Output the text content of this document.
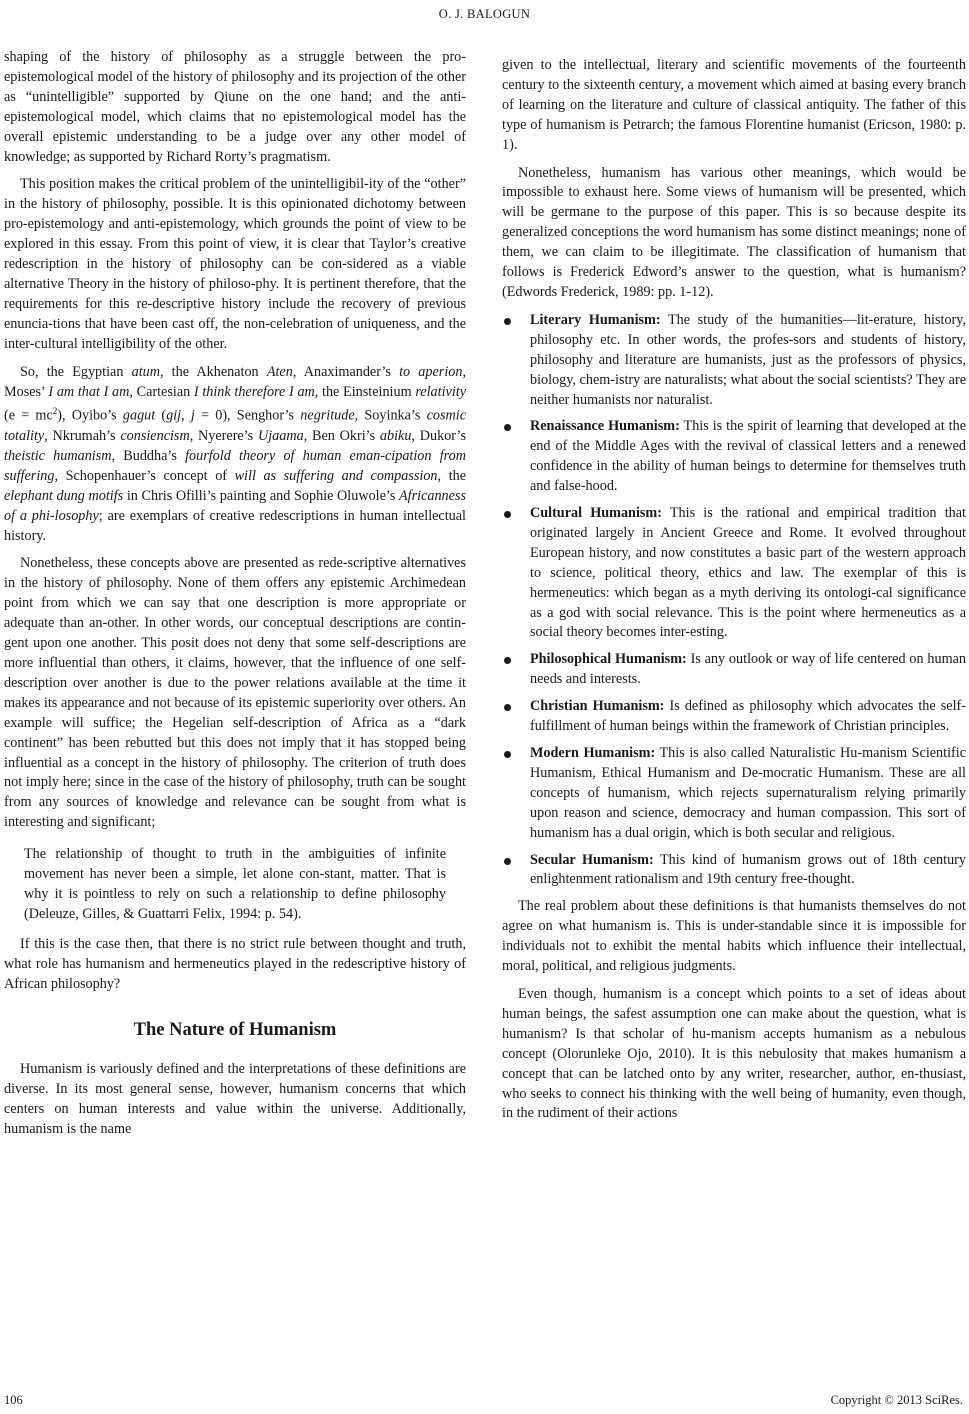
O. J. BALOGUN

shaping of the history of philosophy as a struggle between the pro-epistemological model of the history of philosophy and its projection of the other as “unintelligible” supported by Qiune on the one hand; and the anti-epistemological model, which claims that no epistemological model has the overall epistemic understanding to be a judge over any other model of knowledge; as supported by Richard Rorty’s pragmatism.

This position makes the critical problem of the unintelligibil-ity of the “other” in the history of philosophy, possible. It is this opinionated dichotomy between pro-epistemology and anti-epistemology, which grounds the point of view to be explored in this essay. From this point of view, it is clear that Taylor’s creative redescription in the history of philosophy can be con-sidered as a viable alternative Theory in the history of philoso-phy. It is pertinent therefore, that the requirements for this re-descriptive history include the recovery of previous enuncia-tions that have been cast off, the non-celebration of uniqueness, and the inter-cultural intelligibility of the other.

So, the Egyptian atum, the Akhenaton Aten, Anaximander’s to aperion, Moses’ I am that I am, Cartesian I think therefore I am, the Einsteinium relativity $(e = mc^2)$, Oyibo’s gagut (gij, j = 0), Senghor’s negritude, Soyinka’s cosmic totality, Nkrumah’s consiencism, Nyerere’s Ujaama, Ben Okri’s abiku, Dukor’s theistic humanism, Buddha’s fourfold theory of human eman-cipation from suffering, Schopenhauer’s concept of will as suffering and compassion, the elephant dung motifs in Chris Ofilli’s painting and Sophie Oluwole’s Africanness of a phi-losophy; are exemplars of creative redescriptions in human intellectual history.

Nonetheless, these concepts above are presented as rede-scriptive alternatives in the history of philosophy. None of them offers any epistemic Archimedean point from which we can say that one description is more appropriate or adequate than an-other. In other words, our conceptual descriptions are contin-gent upon one another. This posit does not deny that some self-descriptions are more influential than others, it claims, however, that the influence of one self-description over another is due to the power relations available at the time it makes its appearance and not because of its epistemic superiority over others. An example will suffice; the Hegelian self-description of Africa as a “dark continent” has been rebutted but this does not imply that it has stopped being influential as a concept in the history of philosophy. The criterion of truth does not imply here; since in the case of the history of philosophy, truth can be sought from any sources of knowledge and relevance can be sought from what is interesting and significant;

The relationship of thought to truth in the ambiguities of infinite movement has never been a simple, let alone con-stant, matter. That is why it is pointless to rely on such a relationship to define philosophy (Deleuze, Gilles, & Guattarri Felix, 1994: p. 54).

If this is the case then, that there is no strict rule between thought and truth, what role has humanism and hermeneutics played in the redescriptive history of African philosophy?

The Nature of Humanism

Humanism is variously defined and the interpretations of these definitions are diverse. In its most general sense, however, humanism concerns that which centers on human interests and value within the universe. Additionally, humanism is the name

given to the intellectual, literary and scientific movements of the fourteenth century to the sixteenth century, a movement which aimed at basing every branch of learning on the literature and culture of classical antiquity. The father of this type of humanism is Petrarch; the famous Florentine humanist (Ericson, 1980: p. 1).

Nonetheless, humanism has various other meanings, which would be impossible to exhaust here. Some views of humanism will be presented, which will be germane to the purpose of this paper. This is so because despite its generalized conceptions the word humanism has some distinct meanings; none of them, we can claim to be illegitimate. The classification of humanism that follows is Frederick Edword’s answer to the question, what is humanism? (Edwords Frederick, 1989: pp. 1-12).

Literary Humanism: The study of the humanities—lit-erature, history, philosophy etc. In other words, the profes-sors and students of history, philosophy and literature are humanists, just as the professors of physics, biology, chem-istry are naturalists; what about the social scientists? They are neither humanists nor naturalist.
Renaissance Humanism: This is the spirit of learning that developed at the end of the Middle Ages with the revival of classical letters and a renewed confidence in the ability of human beings to determine for themselves truth and false-hood.
Cultural Humanism: This is the rational and empirical tradition that originated largely in Ancient Greece and Rome. It evolved throughout European history, and now constitutes a basic part of the western approach to science, political theory, ethics and law. The exemplar of this is hermeneutics: which began as a myth deriving its ontologi-cal significance as a god with social relevance. This is the point where hermeneutics as a social theory becomes inter-esting.
Philosophical Humanism: Is any outlook or way of life centered on human needs and interests.
Christian Humanism: Is defined as philosophy which advocates the self-fulfillment of human beings within the framework of Christian principles.
Modern Humanism: This is also called Naturalistic Hu-manism Scientific Humanism, Ethical Humanism and De-mocratic Humanism. These are all concepts of humanism, which rejects supernaturalism relying primarily upon reason and science, democracy and human compassion. This sort of humanism has a dual origin, which is both secular and religious.
Secular Humanism: This kind of humanism grows out of 18th century enlightenment rationalism and 19th century free-thought.

The real problem about these definitions is that humanists themselves do not agree on what humanism is. This is under-standable since it is impossible for individuals not to exhibit the mental habits which influence their intellectual, moral, political, and religious judgments.

Even though, humanism is a concept which points to a set of ideas about human beings, the safest assumption one can make about the question, what is humanism? Is that scholar of hu-manism accepts humanism as a nebulous concept (Olorunleke Ojo, 2010). It is this nebulosity that makes humanism a concept that can be latched onto by any writer, researcher, author, en-thusiast, who seeks to connect his thinking with the well being of humanity, even though, in the rudiment of their actions

106	Copyright © 2013 SciRes.
